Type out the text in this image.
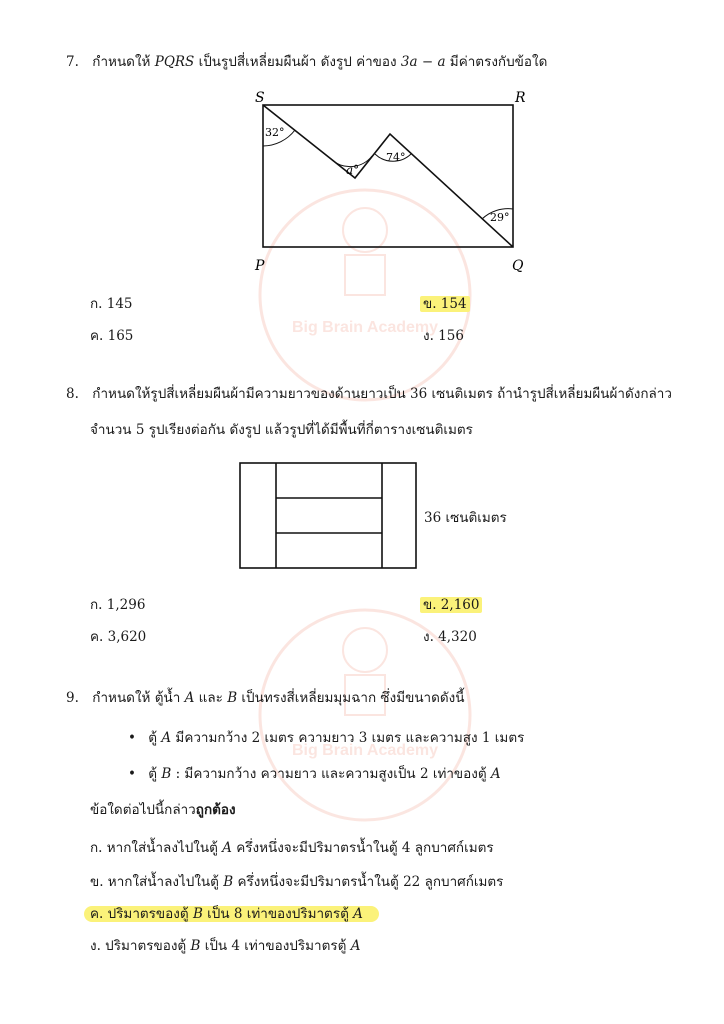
Big Brain Academy
Big Brain Academy
7. กำหนดให้ PQRS เป็นรูปสี่เหลี่ยมผืนผ้า ดังรูป ค่าของ 3a − a มีค่าตรงกับข้อใด
S	R
P	Q
32°
a°
74°
29°
ก. 145	ข. 154
ค. 165	ง. 156
8. กำหนดให้รูปสี่เหลี่ยมผืนผ้ามีความยาวของด้านยาวเป็น 36 เซนติเมตร ถ้านำรูปสี่เหลี่ยมผืนผ้าดังกล่าว
จำนวน 5 รูปเรียงต่อกัน ดังรูป แล้วรูปที่ได้มีพื้นที่กี่ตารางเซนติเมตร
36 เซนติเมตร
ก. 1,296	ข. 2,160
ค. 3,620	ง. 4,320
9. กำหนดให้ ตู้น้ำ A และ B เป็นทรงสี่เหลี่ยมมุมฉาก ซึ่งมีขนาดดังนี้
• ตู้ A มีความกว้าง 2 เมตร ความยาว 3 เมตร และความสูง 1 เมตร
• ตู้ B : มีความกว้าง ความยาว และความสูงเป็น 2 เท่าของตู้ A
ข้อใดต่อไปนี้กล่าวถูกต้อง
ก. หากใส่น้ำลงไปในตู้ A ครึ่งหนึ่งจะมีปริมาตรน้ำในตู้ 4 ลูกบาศก์เมตร
ข. หากใส่น้ำลงไปในตู้ B ครึ่งหนึ่งจะมีปริมาตรน้ำในตู้ 22 ลูกบาศก์เมตร
ค. ปริมาตรของตู้ B เป็น 8 เท่าของปริมาตรตู้ A
ง. ปริมาตรของตู้ B เป็น 4 เท่าของปริมาตรตู้ A
